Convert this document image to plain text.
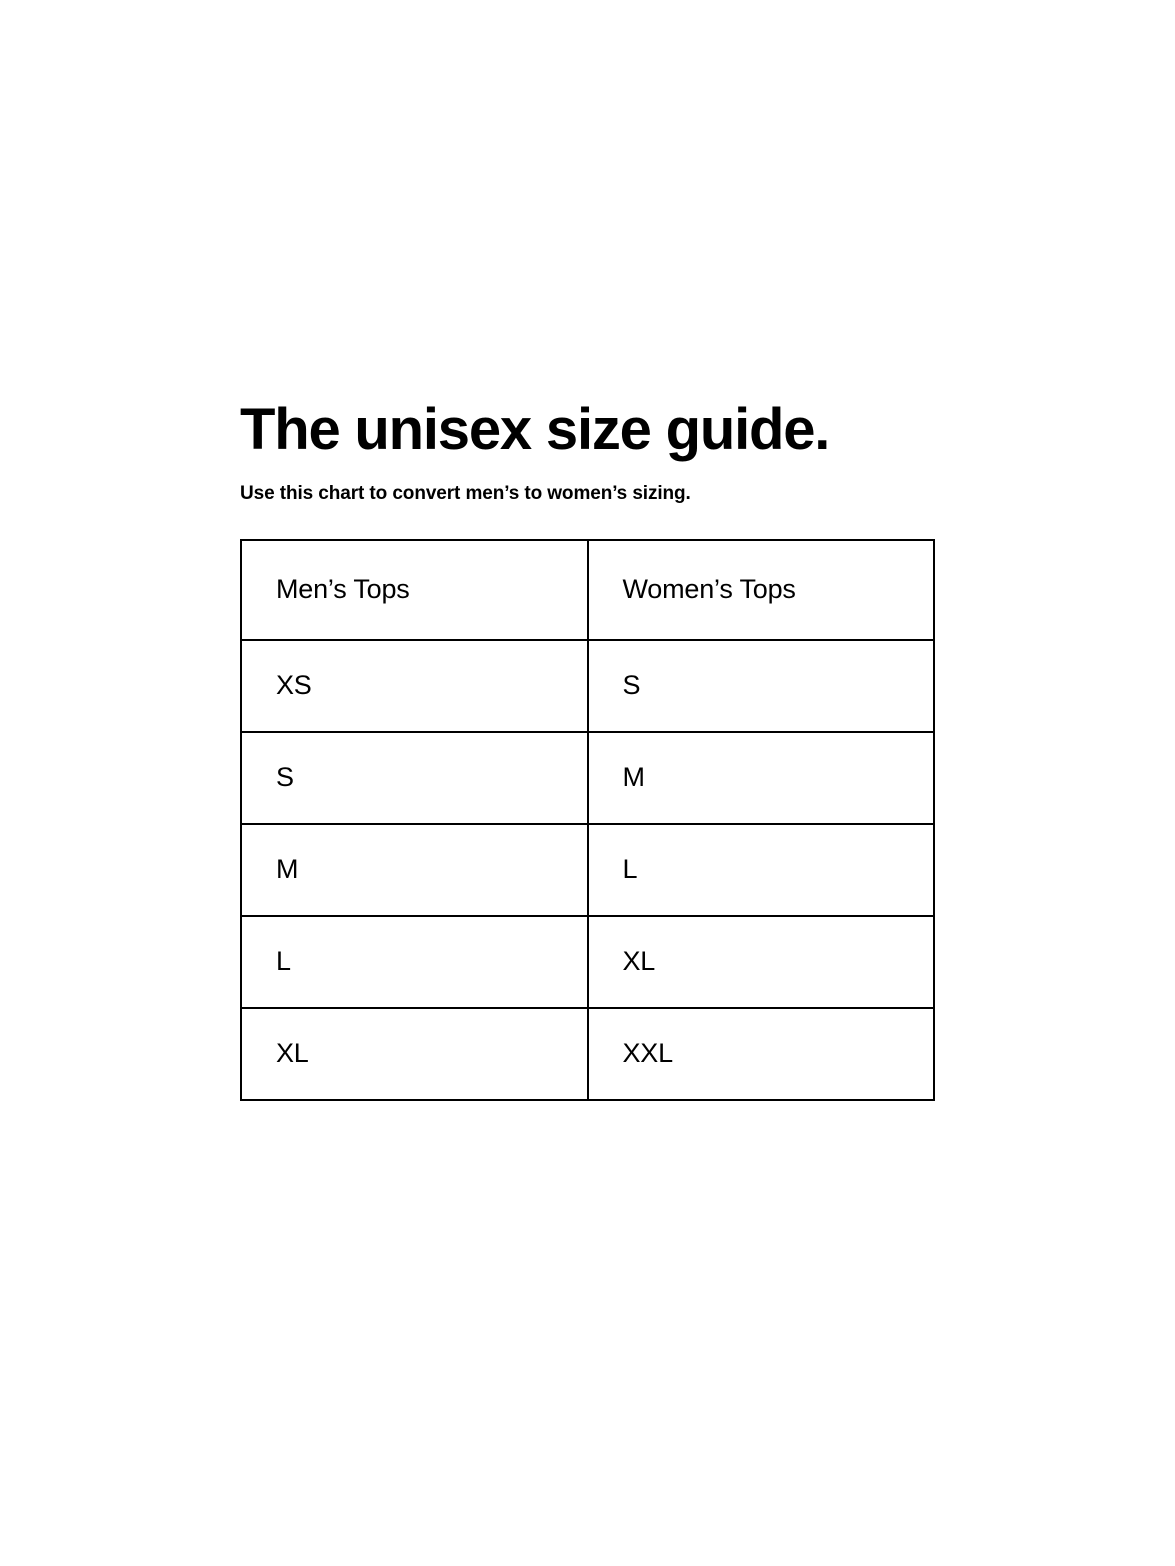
The unisex size guide.

Use this chart to convert men’s to women’s sizing.

Men’s Tops	Women’s Tops
XS	S
S	M
M	L
L	XL
XL	XXL
